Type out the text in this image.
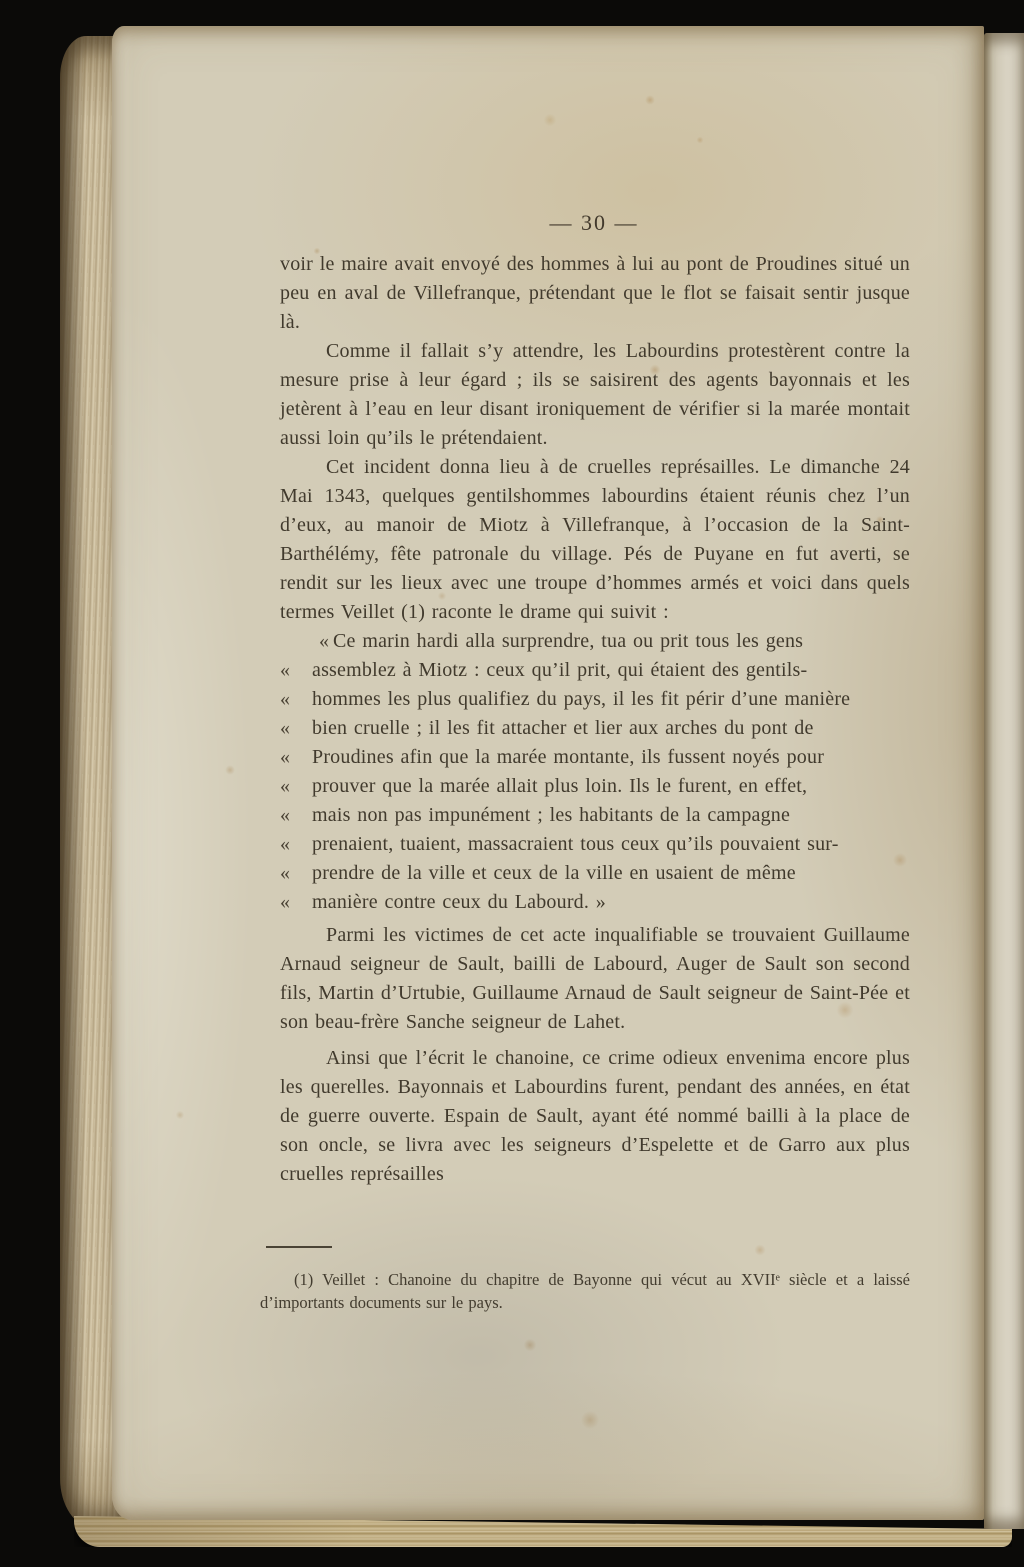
— 30 —

voir le maire avait envoyé des hommes à lui au pont de Proudines situé un peu en aval de Villefranque, prétendant que le flot se faisait sentir jusque là.

Comme il fallait s’y attendre, les Labourdins protestèrent contre la mesure prise à leur égard ; ils se saisirent des agents bayonnais et les jetèrent à l’eau en leur disant ironiquement de vérifier si la marée montait aussi loin qu’ils le prétendaient.

Cet incident donna lieu à de cruelles représailles. Le dimanche 24 Mai 1343, quelques gentilshommes labourdins étaient réunis chez l’un d’eux, au manoir de Miotz à Villefranque, à l’occasion de la Saint-Barthélémy, fête patronale du village. Pés de Puyane en fut averti, se rendit sur les lieux avec une troupe d’hommes armés et voici dans quels termes Veillet (1) raconte le drame qui suivit :

« Ce marin hardi alla surprendre, tua ou prit tous les gens
«	assemblez à Miotz : ceux qu’il prit, qui étaient des gentils-
«	hommes les plus qualifiez du pays, il les fit périr d’une manière
«	bien cruelle ; il les fit attacher et lier aux arches du pont de
«	Proudines afin que la marée montante, ils fussent noyés pour
«	prouver que la marée allait plus loin. Ils le furent, en effet,
«	mais non pas impunément ; les habitants de la campagne
«	prenaient, tuaient, massacraient tous ceux qu’ils pouvaient sur-
«	prendre de la ville et ceux de la ville en usaient de même
«	manière contre ceux du Labourd. »

Parmi les victimes de cet acte inqualifiable se trouvaient Guillaume Arnaud seigneur de Sault, bailli de Labourd, Auger de Sault son second fils, Martin d’Urtubie, Guillaume Arnaud de Sault seigneur de Saint-Pée et son beau-frère Sanche seigneur de Lahet.

Ainsi que l’écrit le chanoine, ce crime odieux envenima encore plus les querelles. Bayonnais et Labourdins furent, pendant des années, en état de guerre ouverte. Espain de Sault, ayant été nommé bailli à la place de son oncle, se livra avec les seigneurs d’Espelette et de Garro aux plus cruelles représailles

(1) Veillet : Chanoine du chapitre de Bayonne qui vécut au XVIIᵉ siècle et a laissé d’importants documents sur le pays.
